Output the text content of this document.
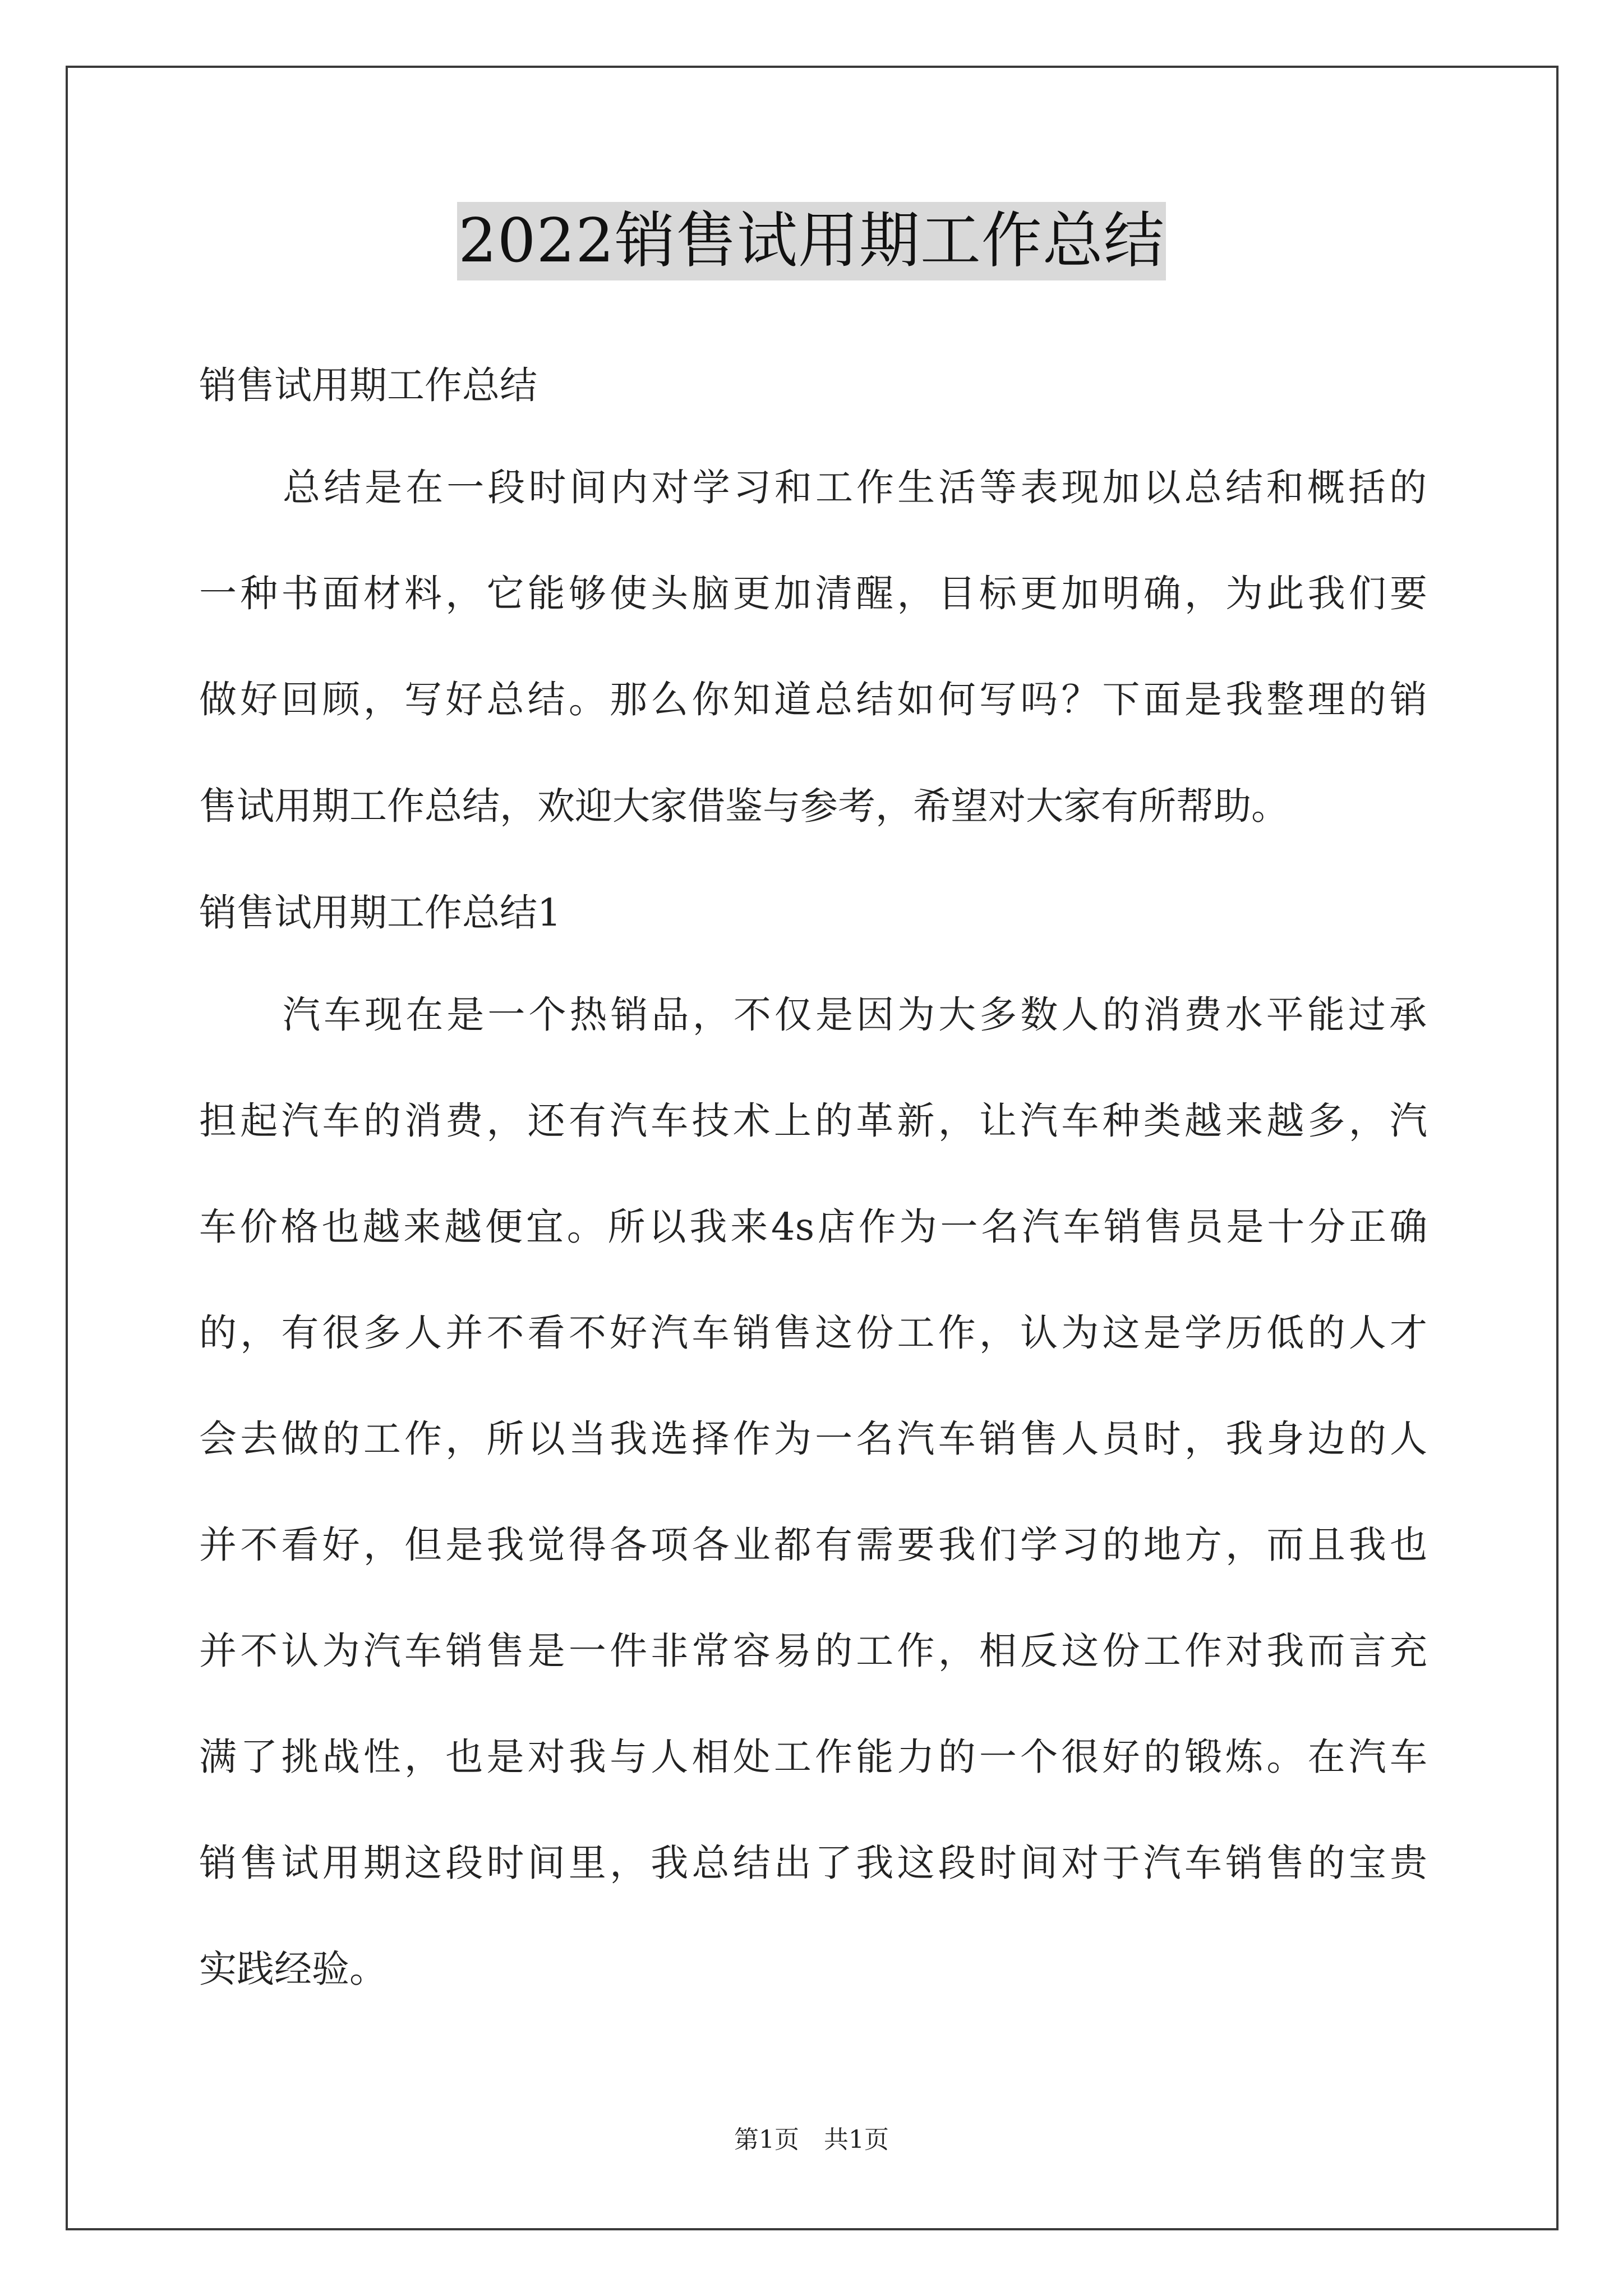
2022销售试用期工作总结
销售试用期工作总结
总结是在一段时间内对学习和工作生活等表现加以总结和概括的
一种书面材料，它能够使头脑更加清醒，目标更加明确，为此我们要
做好回顾，写好总结。那么你知道总结如何写吗？下面是我整理的销
售试用期工作总结，欢迎大家借鉴与参考，希望对大家有所帮助。
销售试用期工作总结1
汽车现在是一个热销品，不仅是因为大多数人的消费水平能过承
担起汽车的消费，还有汽车技术上的革新，让汽车种类越来越多，汽
车价格也越来越便宜。所以我来4s店作为一名汽车销售员是十分正确
的，有很多人并不看不好汽车销售这份工作，认为这是学历低的人才
会去做的工作，所以当我选择作为一名汽车销售人员时，我身边的人
并不看好，但是我觉得各项各业都有需要我们学习的地方，而且我也
并不认为汽车销售是一件非常容易的工作，相反这份工作对我而言充
满了挑战性，也是对我与人相处工作能力的一个很好的锻炼。在汽车
销售试用期这段时间里，我总结出了我这段时间对于汽车销售的宝贵
实践经验。
第1页　共1页
